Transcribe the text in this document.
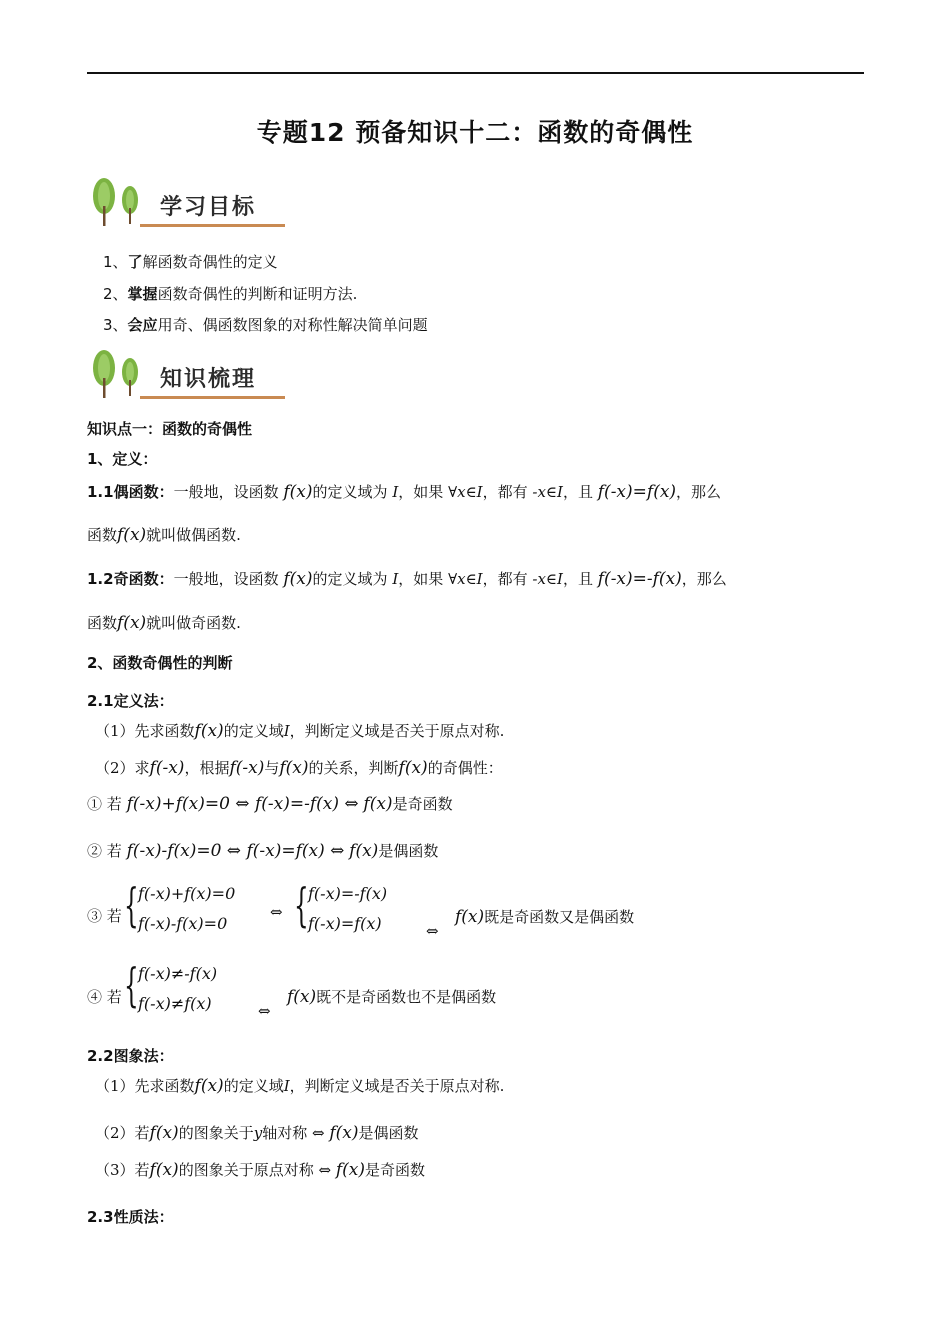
专题12 预备知识十二：函数的奇偶性
学习目标
1、了解函数奇偶性的定义
2、掌握函数奇偶性的判断和证明方法.
3、会应用奇、偶函数图象的对称性解决简单问题
知识梳理
知识点一：函数的奇偶性
1、定义：
1.1偶函数：一般地，设函数 f(x)的定义域为 I，如果 ∀x∈I，都有 -x∈I，且 f(-x)=f(x)，那么
函数f(x)就叫做偶函数.
1.2奇函数：一般地，设函数 f(x)的定义域为 I，如果 ∀x∈I，都有 -x∈I，且 f(-x)=-f(x)，那么
函数f(x)就叫做奇函数.
2、函数奇偶性的判断
2.1定义法：
（1）先求函数f(x)的定义域I，判断定义域是否关于原点对称.
（2）求f(-x)，根据f(-x)与f(x)的关系，判断f(x)的奇偶性：
① 若 f(-x)+f(x)=0 ⇔ f(-x)=-f(x) ⇔ f(x)是奇函数
② 若 f(-x)-f(x)=0 ⇔ f(-x)=f(x) ⇔ f(x)是偶函数
③ 若 { f(-x)+f(x)=0
f(-x)-f(x)=0
⇔ { f(-x)=-f(x)
f(-x)=f(x)	⇔
f(x)既是奇函数又是偶函数
④ 若 { f(-x)≠-f(x)
f(-x)≠f(x)	⇔
f(x)既不是奇函数也不是偶函数
2.2图象法：
（1）先求函数f(x)的定义域I，判断定义域是否关于原点对称.
（2）若f(x)的图象关于y轴对称 ⇔ f(x)是偶函数
（3）若f(x)的图象关于原点对称 ⇔ f(x)是奇函数
2.3性质法：
